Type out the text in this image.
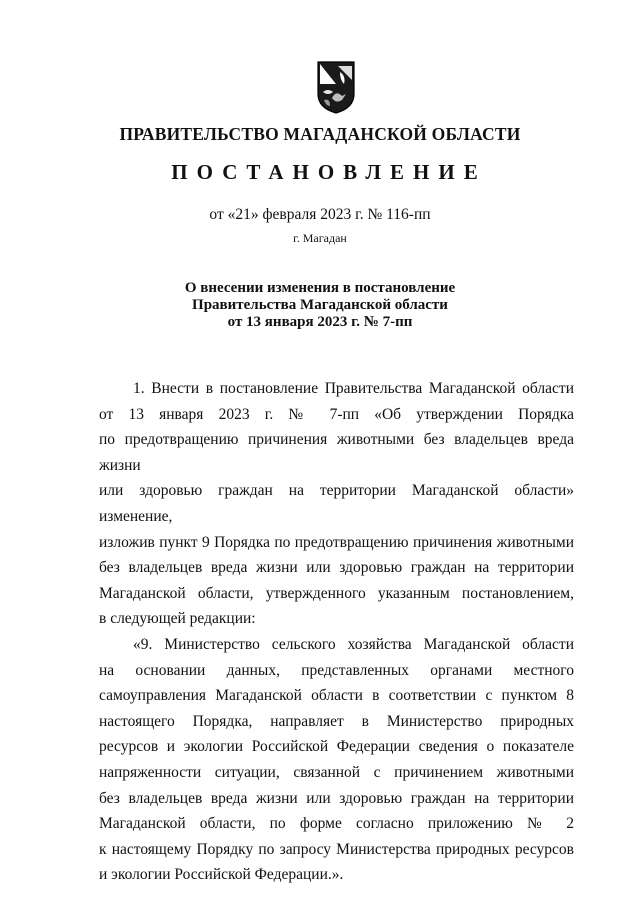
ПРАВИТЕЛЬСТВО МАГАДАНСКОЙ ОБЛАСТИ
ПОСТАНОВЛЕНИЕ
от «21» февраля 2023 г. № 116-пп
г. Магадан
О внесении изменения в постановление
Правительства Магаданской области
от 13 января 2023 г. № 7-пп

1. Внести в постановление Правительства Магаданской области

от 13 января 2023 г. № 7-пп «Об утверждении Порядка

по предотвращению причинения животными без владельцев вреда жизни

или здоровью граждан на территории Магаданской области» изменение,

изложив пункт 9 Порядка по предотвращению причинения животными

без владельцев вреда жизни или здоровью граждан на территории

Магаданской области, утвержденного указанным постановлением,

в следующей редакции:

«9. Министерство сельского хозяйства Магаданской области

на основании данных, представленных органами местного

самоуправления Магаданской области в соответствии с пунктом 8

настоящего Порядка, направляет в Министерство природных

ресурсов и экологии Российской Федерации сведения о показателе

напряженности ситуации, связанной с причинением животными

без владельцев вреда жизни или здоровью граждан на территории

Магаданской области, по форме согласно приложению № 2

к настоящему Порядку по запросу Министерства природных ресурсов

и экологии Российской Федерации.».
